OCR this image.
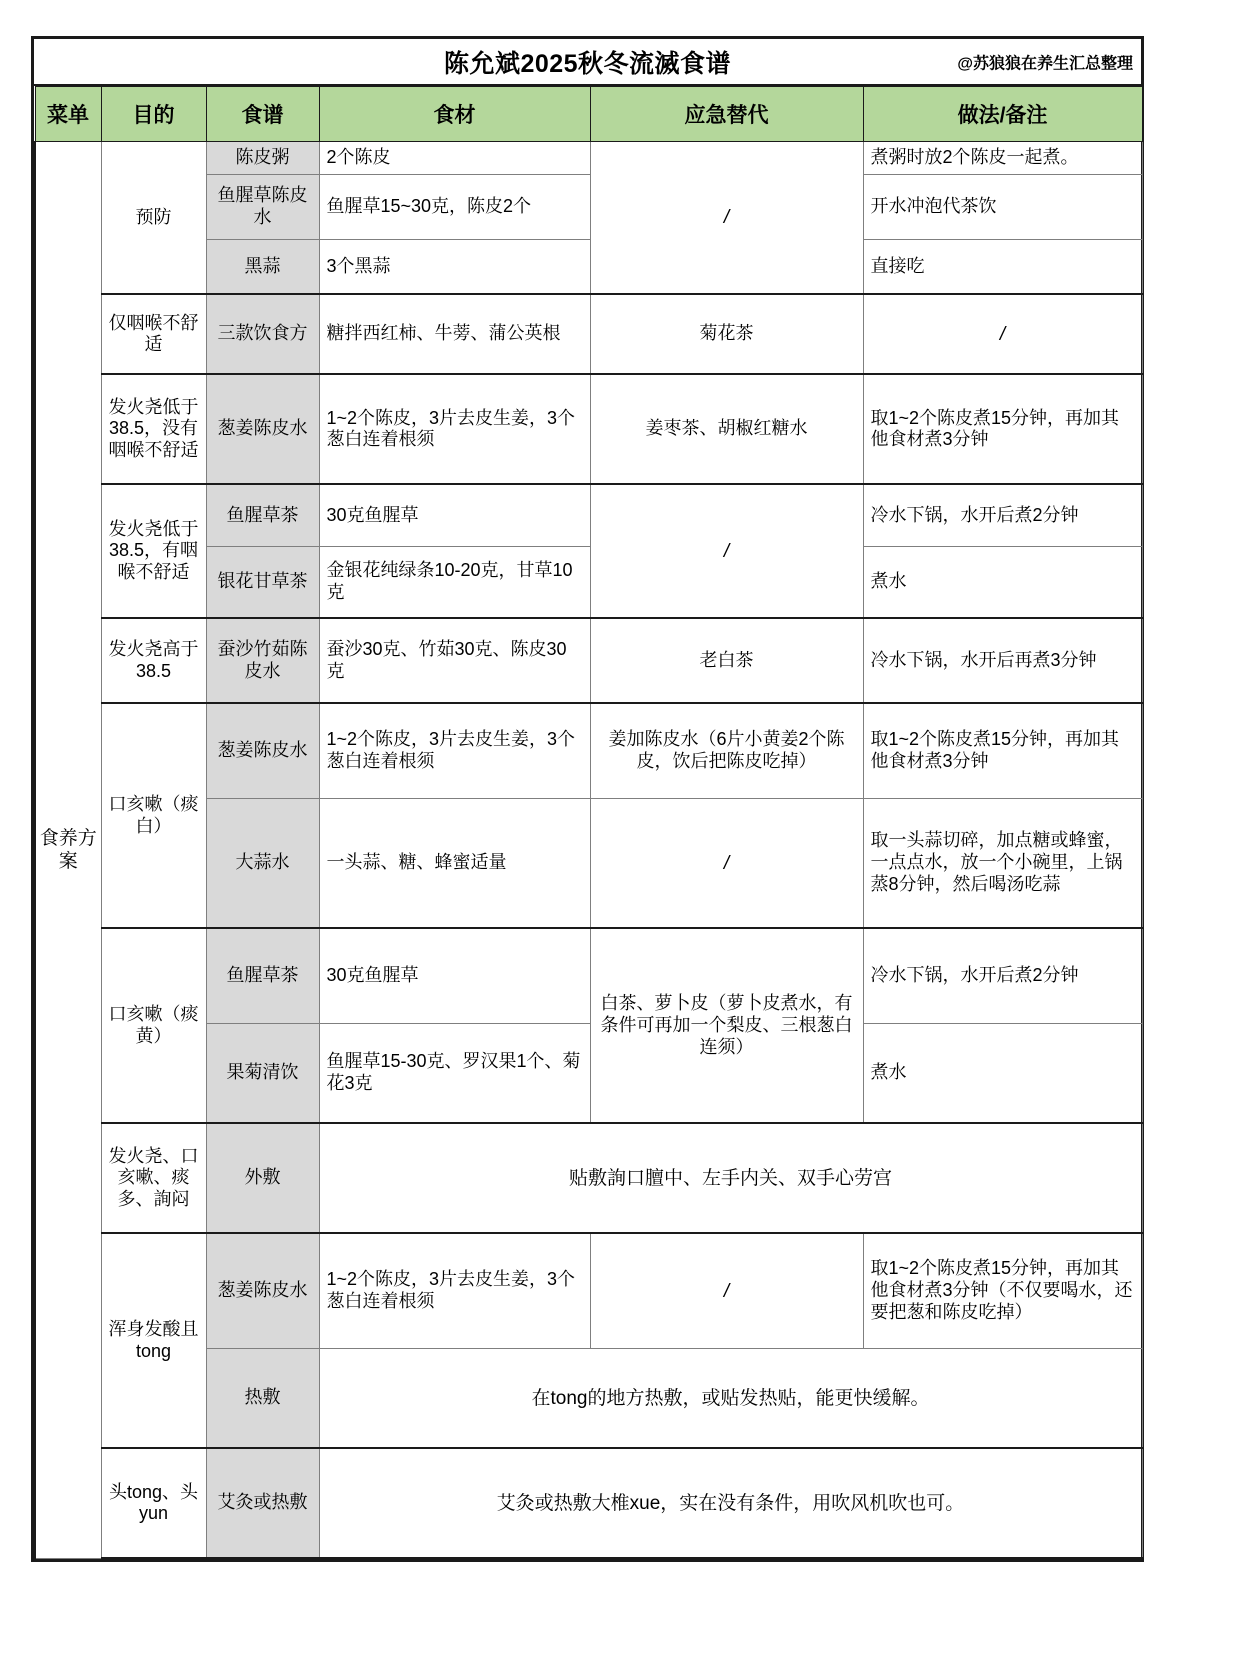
陈允斌2025秋冬流滅食谱	@苏狼狼在养生汇总整理
菜单	目的	食谱	食材	应急替代	做法/备注
食养方案	预防	陈皮粥	2个陈皮	/	煮粥时放2个陈皮一起煮。
		鱼腥草陈皮水	鱼腥草15~30克，陈皮2个		开水冲泡代茶饮
		黑蒜	3个黑蒜		直接吃
	仅咽喉不舒适	三款饮食方	糖拌西红柿、牛蒡、蒲公英根	菊花茶	/
	发火尧低于38.5，没有咽喉不舒适	葱姜陈皮水	1~2个陈皮，3片去皮生姜，3个葱白连着根须	姜枣茶、胡椒红糖水	取1~2个陈皮煮15分钟，再加其他食材煮3分钟
	发火尧低于38.5，有咽喉不舒适	鱼腥草茶	30克鱼腥草	/	冷水下锅，水开后煮2分钟
		银花甘草茶	金银花纯绿条10-20克，甘草10克		煮水
	发火尧高于38.5	蚕沙竹茹陈皮水	蚕沙30克、竹茹30克、陈皮30克	老白茶	冷水下锅，水开后再煮3分钟
	口亥嗽（痰白）	葱姜陈皮水	1~2个陈皮，3片去皮生姜，3个葱白连着根须	姜加陈皮水（6片小黄姜2个陈皮，饮后把陈皮吃掉）	取1~2个陈皮煮15分钟，再加其他食材煮3分钟
		大蒜水	一头蒜、糖、蜂蜜适量	/	取一头蒜切碎，加点糖或蜂蜜，一点点水，放一个小碗里，上锅蒸8分钟，然后喝汤吃蒜
	口亥嗽（痰黄）	鱼腥草茶	30克鱼腥草	白茶、萝卜皮（萝卜皮煮水，有条件可再加一个梨皮、三根葱白连须）	冷水下锅，水开后煮2分钟
		果菊清饮	鱼腥草15-30克、罗汉果1个、菊花3克		煮水
	发火尧、口亥嗽、痰多、詢闷	外敷	贴敷詢口膻中、左手内关、双手心劳宫		
	浑身发酸且tong	葱姜陈皮水	1~2个陈皮，3片去皮生姜，3个葱白连着根须	/	取1~2个陈皮煮15分钟，再加其他食材煮3分钟（不仅要喝水，还要把葱和陈皮吃掉）
		热敷	在tong的地方热敷，或贴发热贴，能更快缓解。		
	头tong、头yun	艾灸或热敷	艾灸或热敷大椎xue，实在没有条件，用吹风机吹也可。		
